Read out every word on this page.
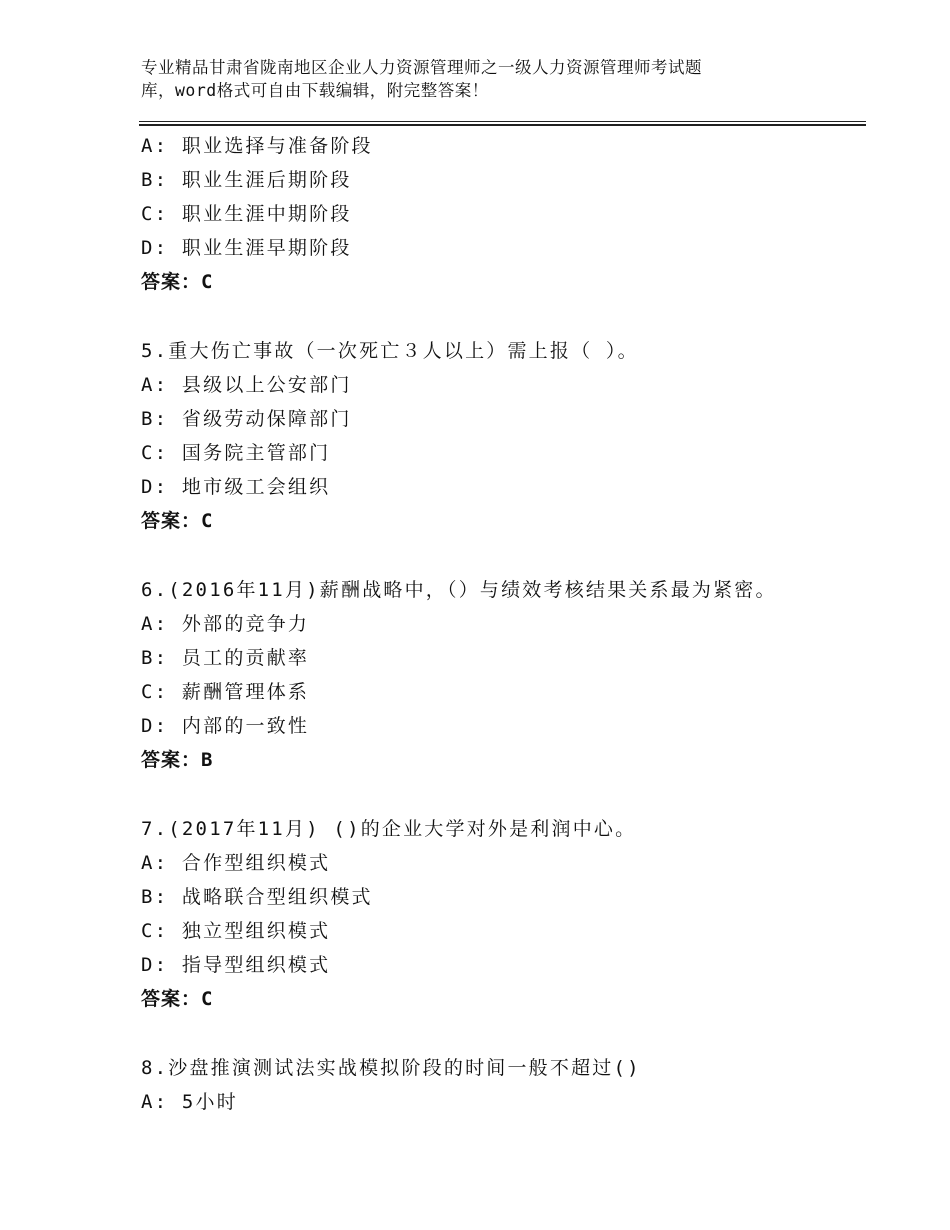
专业精品甘肃省陇南地区企业人力资源管理师之一级人力资源管理师考试题
库，word格式可自由下载编辑，附完整答案！
A: 职业选择与准备阶段
B: 职业生涯后期阶段
C: 职业生涯中期阶段
D: 职业生涯早期阶段
答案：C
5.重大伤亡事故（一次死亡３人以上）需上报（ ）。
A: 县级以上公安部门
B: 省级劳动保障部门
C: 国务院主管部门
D: 地市级工会组织
答案：C
6.(2016年11月)薪酬战略中，（）与绩效考核结果关系最为紧密。
A: 外部的竞争力
B: 员工的贡献率
C: 薪酬管理体系
D: 内部的一致性
答案：B
7.(2017年11月) ()的企业大学对外是利润中心。
A: 合作型组织模式
B: 战略联合型组织模式
C: 独立型组织模式
D: 指导型组织模式
答案：C
8.沙盘推演测试法实战模拟阶段的时间一般不超过()
A: 5小时
